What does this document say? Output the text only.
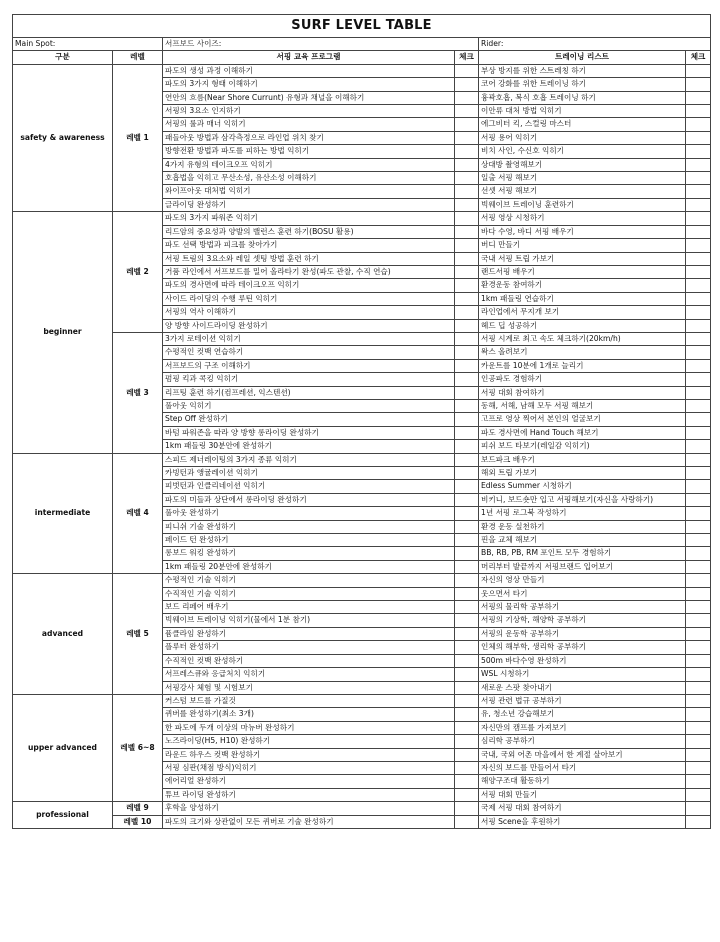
SURF LEVEL TABLE					
Main Spot:		서프보드 사이즈:		Rider:	
구분	레벨	서핑 교육 프로그램	체크	트레이닝 리스트	체크
safety & awareness	레벨 1	파도의 생성 과정 이해하기		부상 방지를 위한 스트레칭 하기	
		파도의 3가지 형태 이해하기		코어 강화를 위한 트레이닝 하기	
		연안의 흐름(Near Shore Currunt) 유형과 채널을 이해하기		흉곽호흡, 복식 호흡 트레이닝 하기	
		서핑의 3요소 인지하기		이안류 대처 방법 익히기	
		서핑의 룰과 매너 익히기		에그비터 킥, 스컬링 마스터	
		패들아웃 방법과 삼각측정으로 라인업 위치 찾기		서핑 용어 익히기	
		방향전환 방법과 파도를 피하는 방법 익히기		비치 사인, 수신호 익히기	
		4가지 유형의 테이크오프 익히기		상대방 촬영해보기	
		호흡법을 익히고 무산소성, 유산소성 이해하기		일출 서핑 해보기	
		와이프아웃 대처법 익히기		선셋 서핑 해보기	
		글라이딩 완성하기		빅웨이브 트레이닝 훈련하기	
beginner	레벨 2	파도의 3가지 파워존 익히기		서핑 영상 시청하기	
		리드암의 중요성과 양발의 밸런스 훈련 하기(BOSU 활용)		바다 수영, 바디 서핑 배우기	
		파도 선택 방법과 피크를 찾아가기		버디 만들기	
		서핑 트림의 3요소와 레일 셋팅 방법 훈련 하기		국내 서핑 트립 가보기	
		거품 라인에서 서프보드를 밀어 올라타기 완성(파도 관찰, 수직 연습)		랜드서핑 배우기	
		파도의 경사면에 따라 테이크오프 익히기		환경운동 참여하기	
		사이드 라이딩의 수행 루틴 익히기		1km 패들링 연습하기	
		서핑의 역사 이해하기		라인업에서 무지개 보기	
		양 방향 사이드라이딩 완성하기		헤드 딥 성공하기	
	레벨 3	3가지 로테이션 익히기		서핑 시계로 최고 속도 체크하기(20km/h)	
		수평적인 컷백 연습하기		왁스 올려보기	
		서프보드의 구조 이해하기		카운트를 10분에 1개로 늘리기	
		펌핑 킥과 콕킹 익히기		인공파도 경험하기	
		리프팅 훈련 하기(컴프레션, 익스텐션)		서핑 대회 참여하기	
		풀아웃 익히기		동해, 서해, 남해 모두 서핑 해보기	
		Step Off 완성하기		고프로 영상 찍어서 본인의 얼굴보기	
		바텀 파워존을 따라 양 방향 롱라이딩 완성하기		파도 경사면에 Hand Touch 해보기	
		1km 패들링 30분안에 완성하기		피쉬 보드 타보기(레일감 익히기)	
intermediate	레벨 4	스피드 제너레이팅의 3가지 종류 익히기		보드파크 배우기	
		카빙턴과 앵귤레이션 익히기		해외 트립 가보기	
		피벗턴과 인클리네이션 익히기		Edless Summer 시청하기	
		파도의 미들과 상단에서 롱라이딩 완성하기		비키니, 보드숏만 입고 서핑해보기(자신을 사랑하기)	
		풀아웃 완성하기		1년 서핑 로그북 작성하기	
		피니쉬 기술 완성하기		환경 운동 실천하기	
		페이드 턴 완성하기		핀을 교체 해보기	
		롱보드 워킹 완성하기		BB, RB, PB, RM 포인트 모두 경험하기	
		1km 패들링 20분안에 완성하기		머리부터 발끝까지 서핑브랜드 입어보기	
advanced	레벨 5	수평적인 기술 익히기		자신의 영상 만들기	
		수직적인 기술 익히기		웃으면서 타기	
		보드 리페어 배우기		서핑의 물리학 공부하기	
		빅웨이브 트레이닝 익히기(물에서 1분 참기)		서핑의 기상학, 해양학 공부하기	
		퓸클라임 완성하기		서핑의 운동학 공부하기	
		플루터 완성하기		인체의 해부학, 생리학 공부하기	
		수직적인 컷백 완성하기		500m 바다수영 완성하기	
		서프레스큐와 응급처치 익히기		WSL 시청하기	
		서핑강사 체험 및 시험보기		새로운 스팟 찾아내기	
upper advanced	레벨 6~8	커스텀 보드를 가질것		서핑 관련 법규 공부하기	
		퀴버를 완성하기(최소 3개)		유, 청소년 강습해보기	
		한 파도에 두개 이상의 마뉴버 완성하기		자신만의 캠프를 가져보기	
		노즈라이딩(H5, H10) 완성하기		심리학 공부하기	
		라운드 하우스 컷백 완성하기		국내, 국외 어촌 마을에서 한 계절 살아보기	
		서핑 심판(채점 방식)익히기		자신의 보드를 만들어서 타기	
		에어리얼 완성하기		해양구조대 활동하기	
		튜브 라이딩 완성하기		서핑 대회 만들기	
professional	레벨 9	후학을 양성하기		국제 서핑 대회 참여하기	
	레벨 10	파도의 크기와 상관없이 모든 퀴버로 기술 완성하기		서핑 Scene을 후원하기	
